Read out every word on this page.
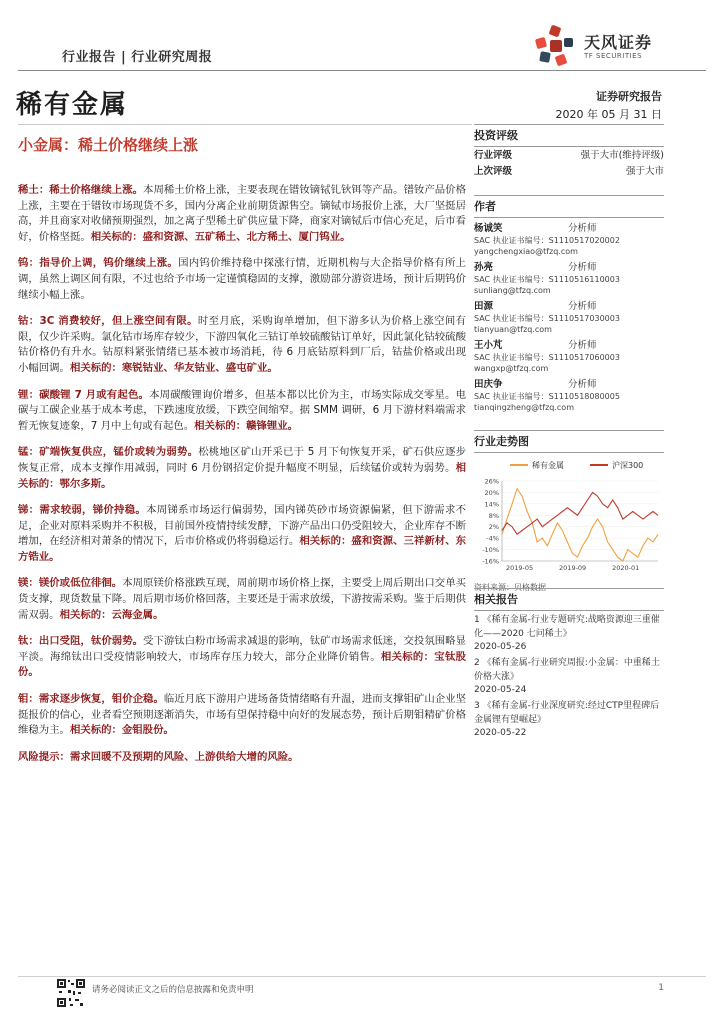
行业报告 | 行业研究周报
天风证券
TF SECURITIES
稀有金属	证券研究报告
2020 年 05 月 31 日
小金属：稀土价格继续上涨
投资评级
行业评级	强于大市(维持评级)
上次评级	强于大市
作者
杨诚笑	分析师
SAC 执业证书编号：S1110517020002
yangchengxiao@tfzq.com
孙亮	分析师
SAC 执业证书编号：S1110516110003
sunliang@tfzq.com
田源	分析师
SAC 执业证书编号：S1110517030003
tianyuan@tfzq.com
王小芃	分析师
SAC 执业证书编号：S1110517060003
wangxp@tfzq.com
田庆争	分析师
SAC 执业证书编号：S1110518080005
tianqingzheng@tfzq.com
行业走势图
稀有金属	沪深300
26%
20%
14%
8%
2%
-4%
-10%
-16%
2019-05	2019-09	2020-01
相关报告
1 《稀有金属-行业专题研究:战略资源迎三重催化——2020 七问稀土》
2020-05-26
2 《稀有金属-行业研究周报:小金属：中重稀土价格大涨》
2020-05-24
3 《稀有金属-行业深度研究:经过CTP里程碑后 金属锂有望崛起》
2020-05-22

稀土：稀土价格继续上涨。本周稀土价格上涨，主要表现在镨钕镝铽钆钬铒等产品。镨钕产品价格上涨，主要在于镨钕市场现货不多，国内分离企业前期货源售空。镝铽市场报价上涨，大厂坚挺居高，并且商家对收储预期强烈，加之离子型稀土矿供应量下降，商家对镝铽后市信心充足，后市看好，价格坚挺。相关标的：盛和资源、五矿稀土、北方稀土、厦门钨业。

钨：指导价上调，钨价继续上涨。国内钨价维持稳中探涨行情，近期机构与大企指导价格有所上调，虽然上调区间有限，不过也给予市场一定谨慎稳固的支撑，激励部分游资进场，预计后期钨价继续小幅上涨。

钴：3C 消费较好，但上涨空间有限。时至月底，采购询单增加，但下游多认为价格上涨空间有限，仅少许采购。氯化钴市场库存较少，下游四氧化三钴订单较硫酸钴订单好，因此氯化钴较硫酸钴价格仍有升水。钴原料紧张情绪已基本被市场消耗，待 6 月底钴原料到厂后，钴盐价格或出现小幅回调。相关标的：寒锐钴业、华友钴业、盛屯矿业。

锂：碳酸锂 7 月或有起色。本周碳酸锂询价增多，但基本都以比价为主，市场实际成交零星。电碳与工碳企业基于成本考虑，下跌速度放缓，下跌空间缩窄。据 SMM 调研，6 月下游材料端需求暂无恢复迹象，7 月中上旬或有起色。相关标的：赣锋锂业。

锰：矿端恢复供应，锰价或转为弱势。松桃地区矿山开采已于 5 月下旬恢复开采，矿石供应逐步恢复正常，成本支撑作用减弱，同时 6 月份钢招定价提升幅度不明显，后续锰价或转为弱势。相关标的：鄂尔多斯。

锑：需求较弱，锑价持稳。本周锑系市场运行偏弱势，国内锑英砂市场资源偏紧，但下游需求不足，企业对原料采购并不积极，目前国外疫情持续发酵，下游产品出口仍受阻较大，企业库存不断增加，在经济相对萧条的情况下，后市价格或仍将弱稳运行。相关标的：盛和资源、三祥新材、东方锆业。

镁：镁价或低位徘徊。本周原镁价格涨跌互现，周前期市场价格上探，主要受上周后期出口交单买货支撑，现货数量下降。周后期市场价格回落，主要还是于需求放缓，下游按需采购。鉴于后期供需双弱。相关标的：云海金属。

钛：出口受阻，钛价弱势。受下游钛白粉市场需求减退的影响，钛矿市场需求低迷，交投氛围略显平淡。海绵钛出口受疫情影响较大，市场库存压力较大，部分企业降价销售。相关标的：宝钛股份。

钼：需求逐步恢复，钼价企稳。临近月底下游用户进场备货情绪略有升温，进而支撑钼矿山企业坚挺报价的信心，业者看空预期逐渐消失，市场有望保持稳中向好的发展态势，预计后期钼精矿价格维稳为主。相关标的：金钼股份。

风险提示：需求回暖不及预期的风险、上游供给大增的风险。

请务必阅读正文之后的信息披露和免责申明	1
